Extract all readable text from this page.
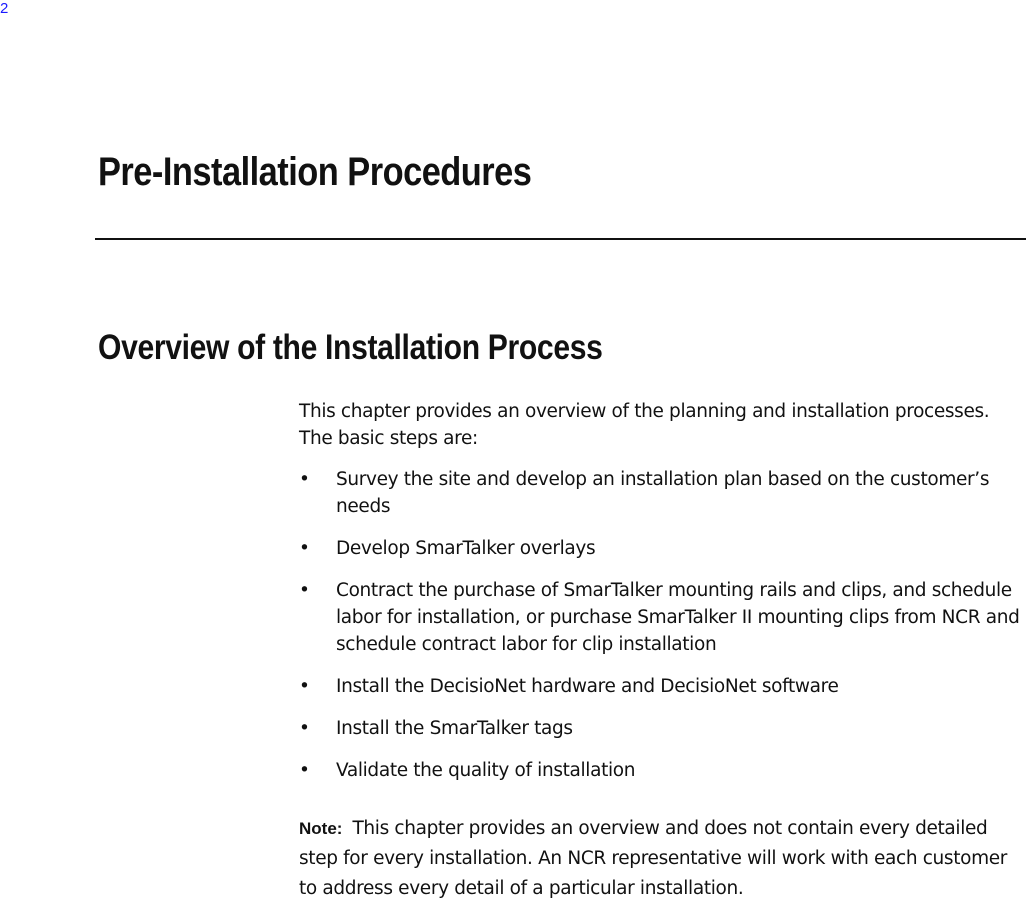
2
Pre-Installation Procedures
Overview of the Installation Process

This chapter provides an overview of the planning and installation processes. The basic steps are:

•	Survey the site and develop an installation plan based on the customer’s needs
•	Develop SmarTalker overlays
•	Contract the purchase of SmarTalker mounting rails and clips, and schedule labor for installation, or purchase SmarTalker II mounting clips from NCR and schedule contract labor for clip installation
•	Install the DecisioNet hardware and DecisioNet software
•	Install the SmarTalker tags
•	Validate the quality of installation

Note: This chapter provides an overview and does not contain every detailed step for every installation. An NCR representative will work with each customer to address every detail of a particular installation.
